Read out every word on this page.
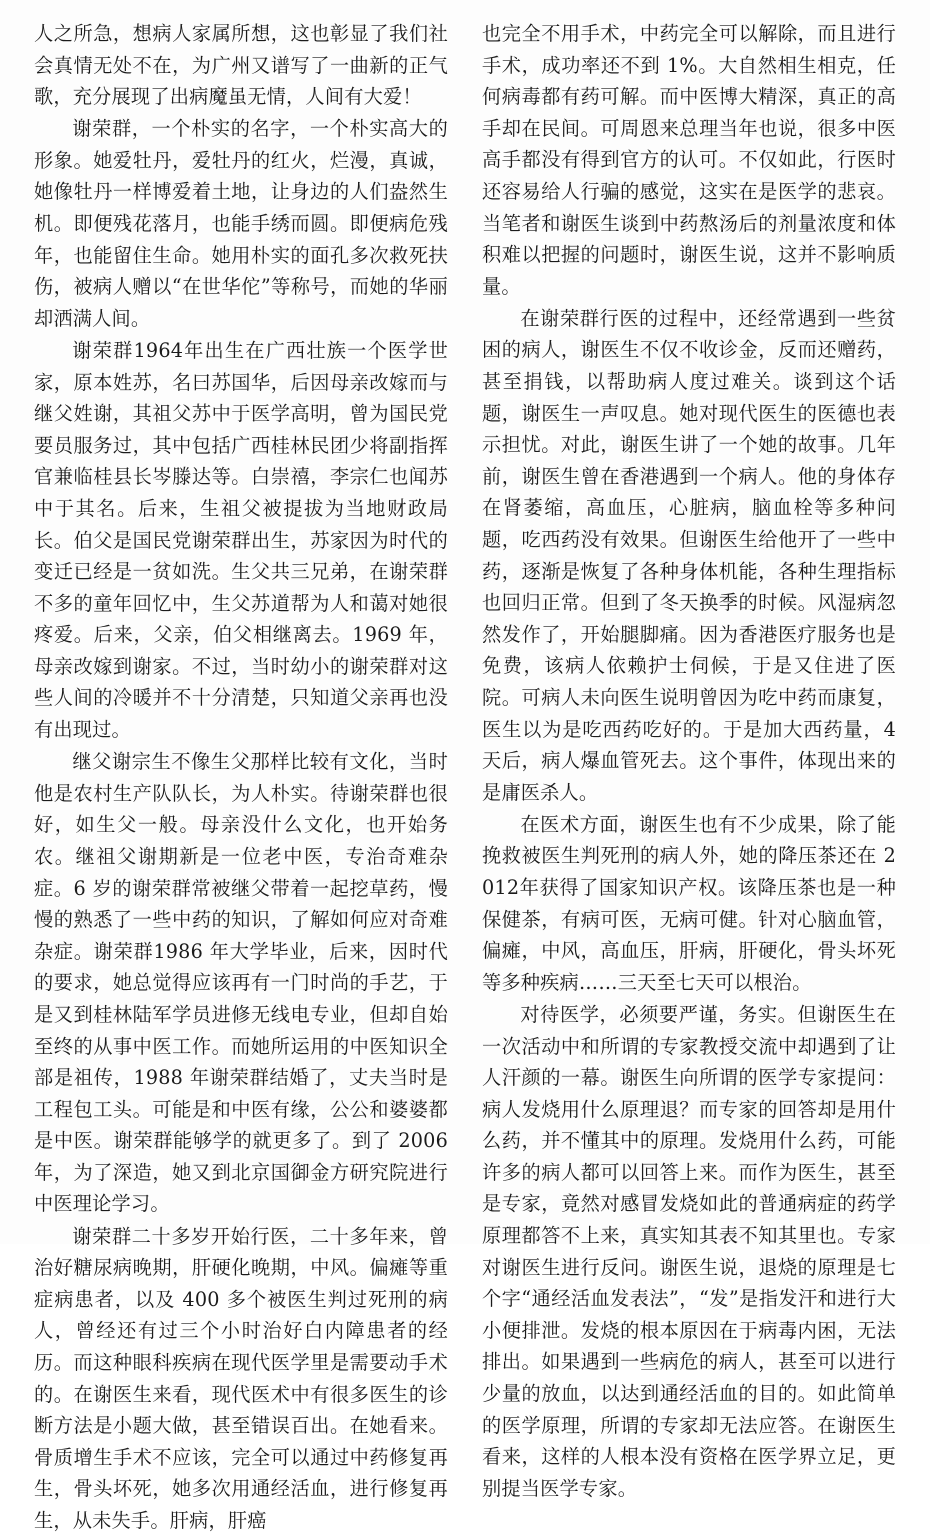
人之所急，想病人家属所想，这也彰显了我们社会真情无处不在，为广州又谱写了一曲新的正气歌，充分展现了出病魔虽无情，人间有大爱！

谢荣群，一个朴实的名字，一个朴实高大的形象。她爱牡丹，爱牡丹的红火，烂漫，真诚，她像牡丹一样博爱着土地，让身边的人们盎然生机。即便残花落月，也能手绣而圆。即便病危残年，也能留住生命。她用朴实的面孔多次救死扶伤，被病人赠以“在世华佗”等称号，而她的华丽却洒满人间。

谢荣群1964年出生在广西壮族一个医学世家，原本姓苏，名曰苏国华，后因母亲改嫁而与继父姓谢，其祖父苏中于医学高明，曾为国民党要员服务过，其中包括广西桂林民团少将副指挥官兼临桂县长岑滕达等。白崇禧，李宗仁也闻苏中于其名。后来，生祖父被提拔为当地财政局长。伯父是国民党谢荣群出生，苏家因为时代的变迁已经是一贫如洗。生父共三兄弟，在谢荣群不多的童年回忆中，生父苏道帮为人和蔼对她很疼爱。后来，父亲，伯父相继离去。1969 年，母亲改嫁到谢家。不过，当时幼小的谢荣群对这些人间的冷暖并不十分清楚，只知道父亲再也没有出现过。

继父谢宗生不像生父那样比较有文化，当时他是农村生产队队长，为人朴实。待谢荣群也很好，如生父一般。母亲没什么文化，也开始务农。继祖父谢期新是一位老中医，专治奇难杂症。6 岁的谢荣群常被继父带着一起挖草药，慢慢的熟悉了一些中药的知识，了解如何应对奇难杂症。谢荣群1986 年大学毕业，后来，因时代的要求，她总觉得应该再有一门时尚的手艺，于是又到桂林陆军学员进修无线电专业，但却自始至终的从事中医工作。而她所运用的中医知识全部是祖传，1988 年谢荣群结婚了，丈夫当时是工程包工头。可能是和中医有缘，公公和婆婆都是中医。谢荣群能够学的就更多了。到了 2006 年，为了深造，她又到北京国御金方研究院进行中医理论学习。

谢荣群二十多岁开始行医，二十多年来，曾治好糖尿病晚期，肝硬化晚期，中风。偏瘫等重症病患者，以及 400 多个被医生判过死刑的病人，曾经还有过三个小时治好白内障患者的经历。而这种眼科疾病在现代医学里是需要动手术的。在谢医生来看，现代医术中有很多医生的诊断方法是小题大做，甚至错误百出。在她看来。骨质增生手术不应该，完全可以通过中药修复再生，骨头坏死，她多次用通经活血，进行修复再生，从未失手。肝病，肝癌

也完全不用手术，中药完全可以解除，而且进行手术，成功率还不到 1%。大自然相生相克，任何病毒都有药可解。而中医博大精深，真正的高手却在民间。可周恩来总理当年也说，很多中医高手都没有得到官方的认可。不仅如此，行医时还容易给人行骗的感觉，这实在是医学的悲哀。当笔者和谢医生谈到中药熬汤后的剂量浓度和体积难以把握的问题时，谢医生说，这并不影响质量。

在谢荣群行医的过程中，还经常遇到一些贫困的病人，谢医生不仅不收诊金，反而还赠药，甚至捐钱，以帮助病人度过难关。谈到这个话题，谢医生一声叹息。她对现代医生的医德也表示担忧。对此，谢医生讲了一个她的故事。几年前，谢医生曾在香港遇到一个病人。他的身体存在肾萎缩，高血压，心脏病，脑血栓等多种问题，吃西药没有效果。但谢医生给他开了一些中药，逐渐是恢复了各种身体机能，各种生理指标也回归正常。但到了冬天换季的时候。风湿病忽然发作了，开始腿脚痛。因为香港医疗服务也是免费，该病人依赖护士伺候，于是又住进了医院。可病人未向医生说明曾因为吃中药而康复，医生以为是吃西药吃好的。于是加大西药量，4 天后，病人爆血管死去。这个事件，体现出来的是庸医杀人。

在医术方面，谢医生也有不少成果，除了能挽救被医生判死刑的病人外，她的降压茶还在 2012年获得了国家知识产权。该降压茶也是一种保健茶，有病可医，无病可健。针对心脑血管，偏瘫，中风，高血压，肝病，肝硬化，骨头坏死等多种疾病……三天至七天可以根治。

对待医学，必须要严谨，务实。但谢医生在一次活动中和所谓的专家教授交流中却遇到了让人汗颜的一幕。谢医生向所谓的医学专家提问：病人发烧用什么原理退？而专家的回答却是用什么药，并不懂其中的原理。发烧用什么药，可能许多的病人都可以回答上来。而作为医生，甚至是专家，竟然对感冒发烧如此的普通病症的药学原理都答不上来，真实知其表不知其里也。专家对谢医生进行反问。谢医生说，退烧的原理是七个字“通经活血发表法”，“发”是指发汗和进行大小便排泄。发烧的根本原因在于病毒内困，无法排出。如果遇到一些病危的病人，甚至可以进行少量的放血，以达到通经活血的目的。如此简单的医学原理，所谓的专家却无法应答。在谢医生看来，这样的人根本没有资格在医学界立足，更别提当医学专家。
